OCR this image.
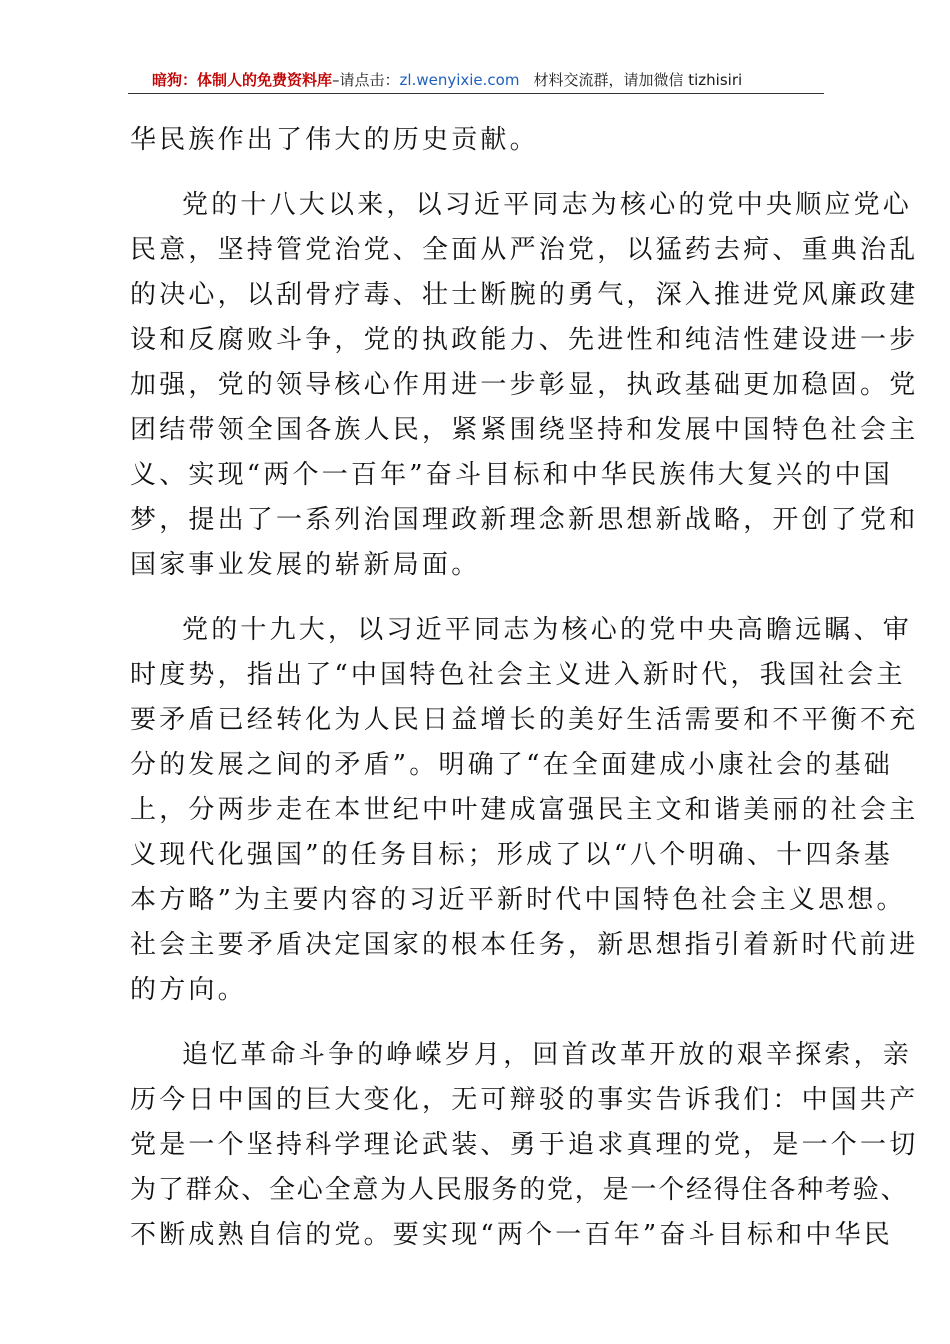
暗狗：体制人的免费资料库 –请点击： zl.wenyixie.com 材料交流群，请加微信 tizhisiri

华民族作出了伟大的历史贡献。

党的十八大以来，以习近平同志为核心的党中央顺应党心
民意，坚持管党治党、全面从严治党，以猛药去疴、重典治乱
的决心，以刮骨疗毒、壮士断腕的勇气，深入推进党风廉政建
设和反腐败斗争，党的执政能力、先进性和纯洁性建设进一步
加强，党的领导核心作用进一步彰显，执政基础更加稳固。党
团结带领全国各族人民，紧紧围绕坚持和发展中国特色社会主
义、实现“两个一百年”奋斗目标和中华民族伟大复兴的中国
梦，提出了一系列治国理政新理念新思想新战略，开创了党和
国家事业发展的崭新局面。

党的十九大，以习近平同志为核心的党中央高瞻远瞩、审
时度势，指出了“中国特色社会主义进入新时代，我国社会主
要矛盾已经转化为人民日益增长的美好生活需要和不平衡不充
分的发展之间的矛盾”。明确了“在全面建成小康社会的基础
上，分两步走在本世纪中叶建成富强民主文和谐美丽的社会主
义现代化强国”的任务目标；形成了以“八个明确、十四条基
本方略”为主要内容的习近平新时代中国特色社会主义思想。
社会主要矛盾决定国家的根本任务，新思想指引着新时代前进
的方向。

追忆革命斗争的峥嵘岁月，回首改革开放的艰辛探索，亲
历今日中国的巨大变化，无可辩驳的事实告诉我们：中国共产
党是一个坚持科学理论武装、勇于追求真理的党，是一个一切
为了群众、全心全意为人民服务的党，是一个经得住各种考验、
不断成熟自信的党。要实现“两个一百年”奋斗目标和中华民
